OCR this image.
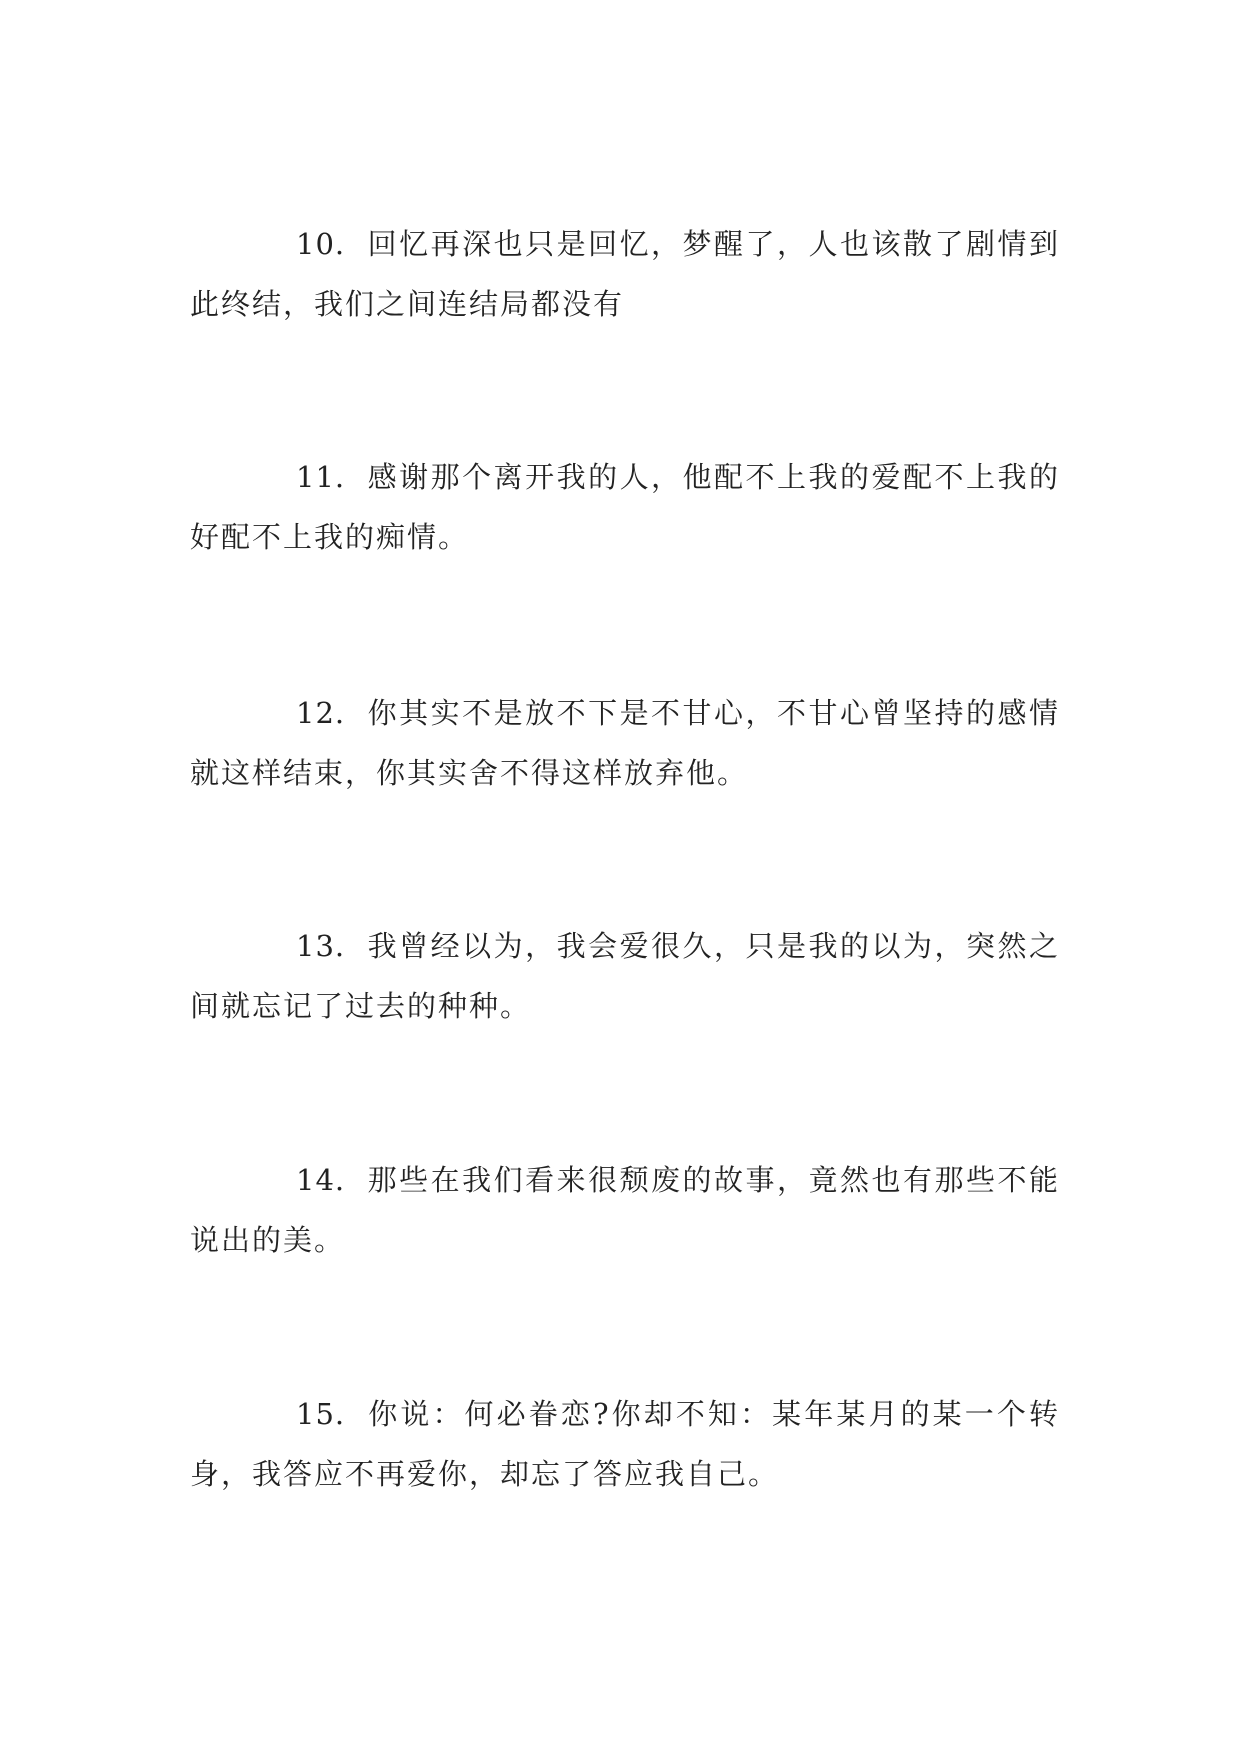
10. 回忆再深也只是回忆，梦醒了，人也该散了剧情到此终结，我们之间连结局都没有

11. 感谢那个离开我的人，他配不上我的爱配不上我的好配不上我的痴情。

12. 你其实不是放不下是不甘心，不甘心曾坚持的感情就这样结束，你其实舍不得这样放弃他。

13. 我曾经以为，我会爱很久，只是我的以为，突然之间就忘记了过去的种种。

14. 那些在我们看来很颓废的故事，竟然也有那些不能说出的美。

15. 你说：何必眷恋?你却不知：某年某月的某一个转身，我答应不再爱你，却忘了答应我自己。
